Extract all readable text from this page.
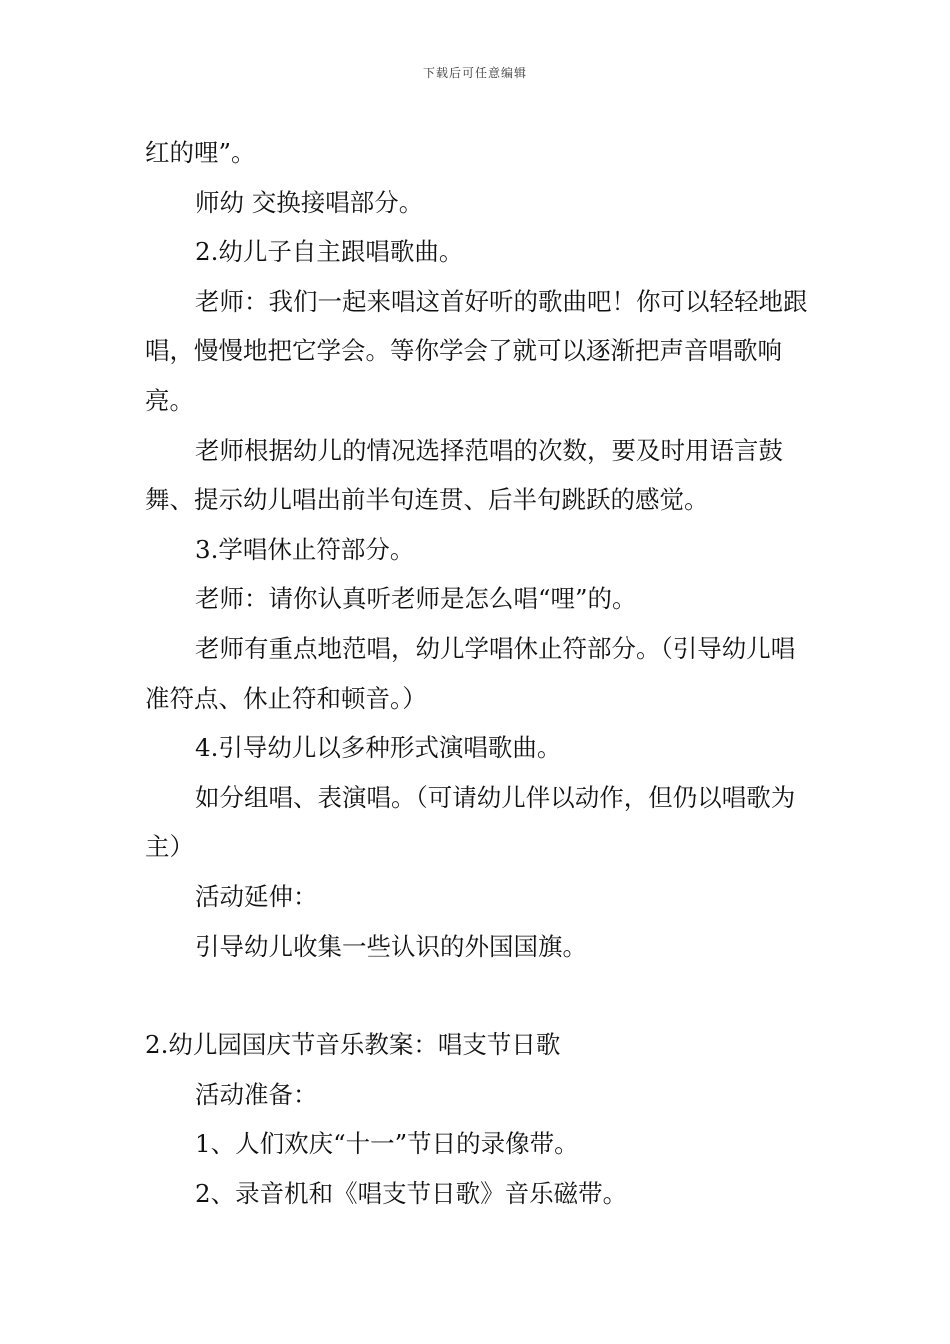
下载后可任意编辑

红的哩”。

师幼 交换接唱部分。

2.幼儿子自主跟唱歌曲。

老师：我们一起来唱这首好听的歌曲吧！你可以轻轻地跟唱，慢慢地把它学会。等你学会了就可以逐渐把声音唱歌响亮。

老师根据幼儿的情况选择范唱的次数，要及时用语言鼓舞、提示幼儿唱出前半句连贯、后半句跳跃的感觉。

3.学唱休止符部分。

老师：请你认真听老师是怎么唱“哩”的。

老师有重点地范唱，幼儿学唱休止符部分。（引导幼儿唱准符点、休止符和顿音。）

4.引导幼儿以多种形式演唱歌曲。

如分组唱、表演唱。（可请幼儿伴以动作，但仍以唱歌为主）

活动延伸：

引导幼儿收集一些认识的外国国旗。

2.幼儿园国庆节音乐教案：唱支节日歌

活动准备：

1、人们欢庆“十一”节日的录像带。

2、录音机和《唱支节日歌》音乐磁带。
